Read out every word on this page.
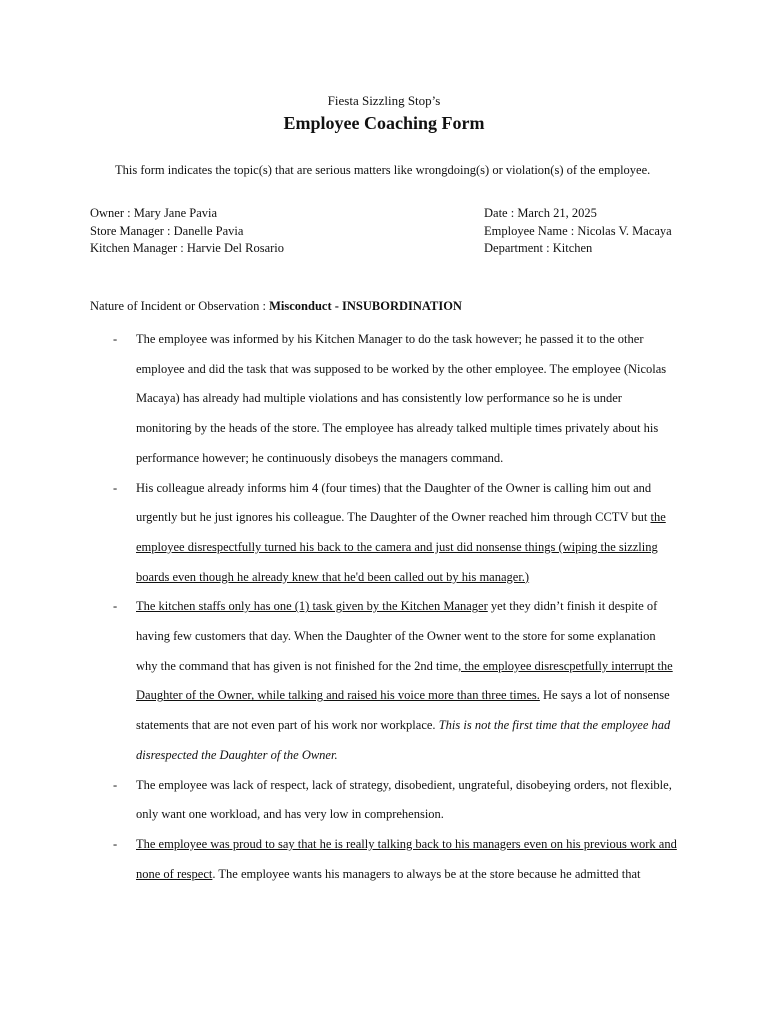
Fiesta Sizzling Stop’s
Employee Coaching Form
This form indicates the topic(s) that are serious matters like wrongdoing(s) or violation(s) of the employee.
Owner : Mary Jane Pavia
Store Manager : Danelle Pavia
Kitchen Manager : Harvie Del Rosario
Date : March 21, 2025
Employee Name : Nicolas V. Macaya
Department : Kitchen
Nature of Incident or Observation : Misconduct - INSUBORDINATION
- The employee was informed by his Kitchen Manager to do the task however; he passed it to the other employee and did the task that was supposed to be worked by the other employee. The employee (Nicolas Macaya) has already had multiple violations and has consistently low performance so he is under monitoring by the heads of the store. The employee has already talked multiple times privately about his performance however; he continuously disobeys the managers command.
- His colleague already informs him 4 (four times) that the Daughter of the Owner is calling him out and urgently but he just ignores his colleague. The Daughter of the Owner reached him through CCTV but the employee disrespectfully turned his back to the camera and just did nonsense things (wiping the sizzling boards even though he already knew that he'd been called out by his manager.)
- The kitchen staffs only has one (1) task given by the Kitchen Manager yet they didn’t finish it despite of having few customers that day. When the Daughter of the Owner went to the store for some explanation why the command that has given is not finished for the 2nd time, the employee disrescpetfully interrupt the Daughter of the Owner, while talking and raised his voice more than three times. He says a lot of nonsense statements that are not even part of his work nor workplace. This is not the first time that the employee had disrespected the Daughter of the Owner.
- The employee was lack of respect, lack of strategy, disobedient, ungrateful, disobeying orders, not flexible, only want one workload, and has very low in comprehension.
- The employee was proud to say that he is really talking back to his managers even on his previous work and none of respect. The employee wants his managers to always be at the store because he admitted that
